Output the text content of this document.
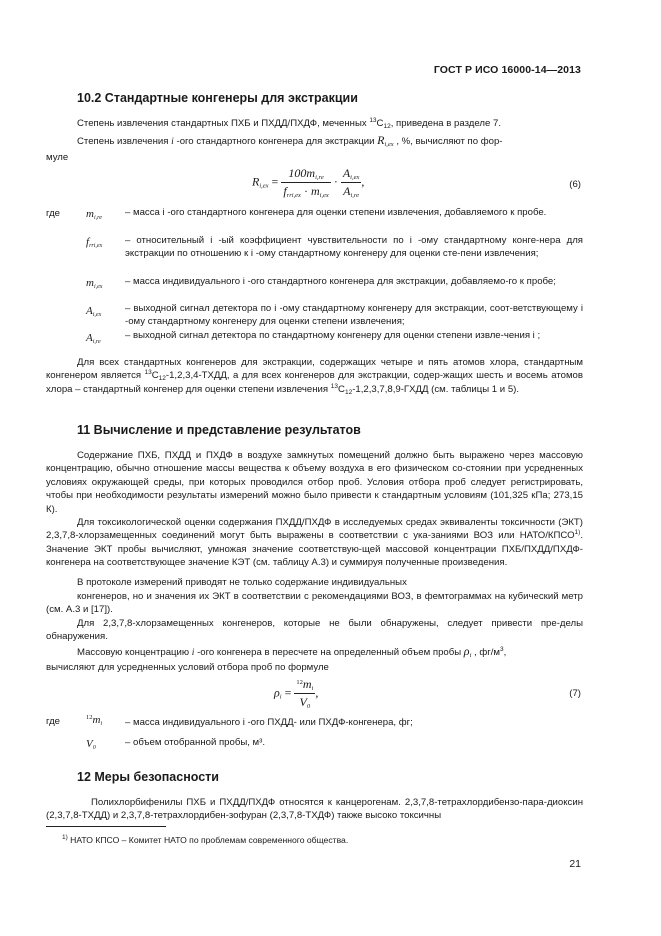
ГОСТ Р ИСО 16000-14—2013
10.2 Стандартные конгенеры для экстракции

Степень извлечения стандартных ПХБ и ПХДД/ПХДФ, меченных $^{13}C_{12}$, приведена в разделе 7.

Степень извлечения i -ого стандартного конгенера для экстракции $R_{i,ex}$ , %, вычисляют по фор-

муле

$R_{i,ex} = \frac{100m_{i,re}}{f_{rri,ex} \cdot m_{i,ex}} \cdot \frac{A_{i,ex}}{A_{i,re}}$ ,	(6)
где $m_{i,re}$ – масса i -ого стандартного конгенера для оценки степени извлечения, добавляемого к пробе.

$f_{rri,ex}$ – относительный i -ый коэффициент чувствительности по i -ому стандартному конге-нера для экстракции по отношению к i -ому стандартному конгенеру для оценки сте-пени извлечения;

$m_{i,ex}$ – масса индивидуального i -ого стандартного конгенера для экстракции, добавляемо-го к пробе;

$A_{i,ex}$

– выходной сигнал детектора по i -ому стандартному конгенеру для экстракции, соот-ветствующему i -ому стандартному конгенеру для оценки степени извлечения;

$A_{i,re}$

– выходной сигнал детектора по стандартному конгенеру для оценки степени извле-чения i ;

Для всех стандартных конгенеров для экстракции, содержащих четыре и пять атомов хлора, стандартным конгенером является $^{13}C_{12}-1,2,3,4$-ТХДД, а для всех конгенеров для экстракции, содер-жащих шесть и восемь атомов хлора – стандартный конгенер для оценки степени извлечения $^{13}C_{12}-1,2,3,7,8,9$-ГХДД (см. таблицы 1 и 5).

11 Вычисление и представление результатов

Содержание ПХБ, ПХДД и ПХДФ в воздухе замкнутых помещений должно быть выражено через массовую концентрацию, обычно отношение массы вещества к объему воздуха в его физическом со-стоянии при усредненных условиях окружающей среды, при которых проводился отбор проб. Условия отбора проб следует регистрировать, чтобы при необходимости результаты измерений можно было привести к стандартным условиям (101,325 кПа; 273,15 К).

Для токсикологической оценки содержания ПХДД/ПХДФ в исследуемых средах эквиваленты токсичности (ЭКТ) 2,3,7,8-хлорзамещенных соединений могут быть выражены в соответствии с ука-заниями ВОЗ или НАТО/КПСО$^{1)}$. Значение ЭКТ пробы вычисляют, умножая значение соответствую-щей массовой концентрации ПХБ/ПХДД/ПХДФ-конгенера на соответствующее значение КЭТ (см. таблицу А.3) и суммируя полученные произведения.

В протоколе измерений приводят не только содержание индивидуальных

конгенеров, но и значения их ЭКТ в соответствии с рекомендациями ВОЗ, в фемтограммах на кубический метр (см. А.3 и [17]).

Для 2,3,7,8-хлорзамещенных конгенеров, которые не были обнаружены, следует привести пре-делы обнаружения.

Массовую концентрацию i -ого конгенера в пересчете на определенный объем пробы $\rho_i$ , $фг/м^3$,

вычисляют для усредненных условий отбора проб по формуле

$\rho_i = \frac{^{12}m_i}{V_0}$ ,	(7)
где	$^{12}m_i$ – масса индивидуального i -ого ПХДД- или ПХДФ-конгенера, фг;

$V_0$	– объем отобранной пробы, м³.

12 Меры безопасности

Полихлорбифенилы ПХБ и ПХДД/ПХДФ относятся к канцерогенам. 2,3,7,8-тетрахлордибензо-пара-диоксин (2,3,7,8-ТХДД) и 2,3,7,8-тетрахлордибен-зофуран (2,3,7,8-ТХДФ) также высоко токсичны

$^{1)}$ НАТО КПСО – Комитет НАТО по проблемам современного общества.

21
